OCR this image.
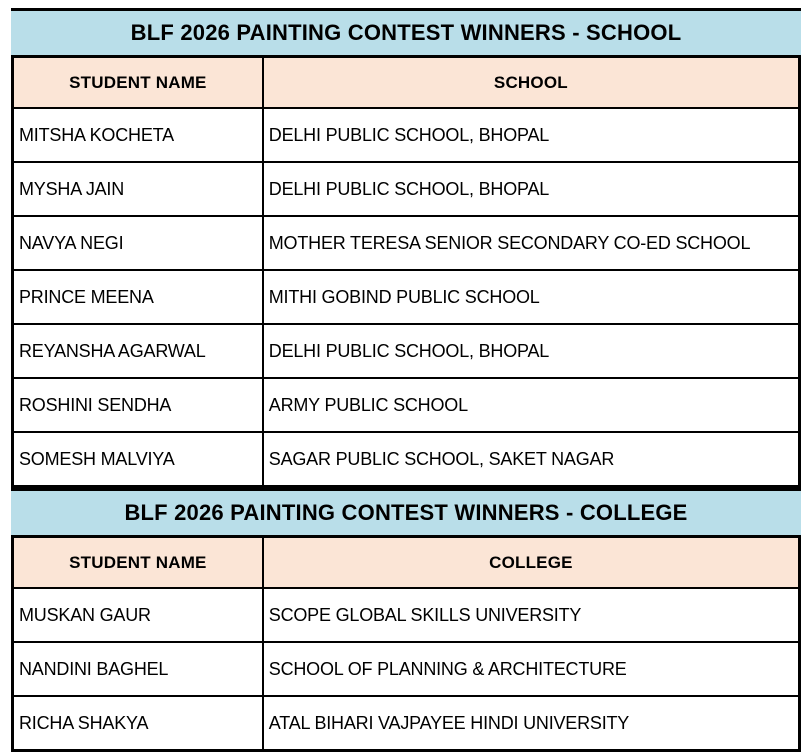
BLF 2026 PAINTING CONTEST WINNERS - SCHOOL
STUDENT NAME	SCHOOL
MITSHA KOCHETA	DELHI PUBLIC SCHOOL, BHOPAL
MYSHA JAIN	DELHI PUBLIC SCHOOL, BHOPAL
NAVYA NEGI	MOTHER TERESA SENIOR SECONDARY CO-ED SCHOOL
PRINCE MEENA	MITHI GOBIND PUBLIC SCHOOL
REYANSHA AGARWAL	DELHI PUBLIC SCHOOL, BHOPAL
ROSHINI SENDHA	ARMY PUBLIC SCHOOL
SOMESH MALVIYA	SAGAR PUBLIC SCHOOL, SAKET NAGAR
BLF 2026 PAINTING CONTEST WINNERS - COLLEGE
STUDENT NAME	COLLEGE
MUSKAN GAUR	SCOPE GLOBAL SKILLS UNIVERSITY
NANDINI BAGHEL	SCHOOL OF PLANNING & ARCHITECTURE
RICHA SHAKYA	ATAL BIHARI VAJPAYEE HINDI UNIVERSITY
